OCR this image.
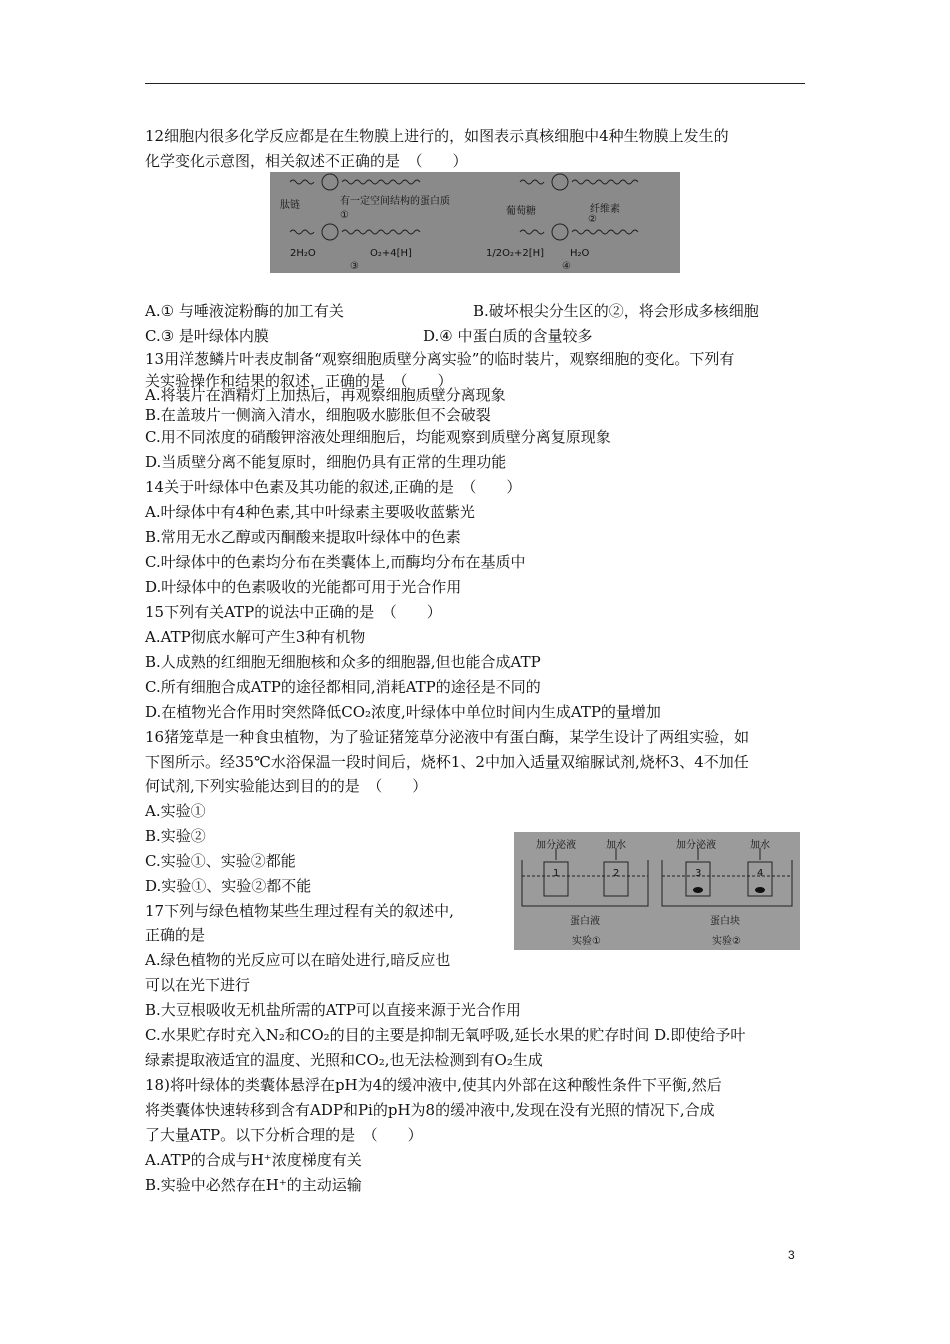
12细胞内很多化学反应都是在生物膜上进行的，如图表示真核细胞中4种生物膜上发生的
化学变化示意图，相关叙述不正确的是　（　　）
肽链	有一定空间结构的蛋白质
葡萄糖	纤维素
2H₂O	O₂+4[H]	1/2O₂+2[H]	H₂O
①	②
③	④
A.① 与唾液淀粉酶的加工有关	B.破坏根尖分生区的②，将会形成多核细胞
C.③ 是叶绿体内膜	D.④ 中蛋白质的含量较多
13用洋葱鳞片叶表皮制备“观察细胞质壁分离实验”的临时装片，观察细胞的变化。下列有
关实验操作和结果的叙述，正确的是　（　　）
A.将装片在酒精灯上加热后，再观察细胞质壁分离现象
B.在盖玻片一侧滴入清水，细胞吸水膨胀但不会破裂
C.用不同浓度的硝酸钾溶液处理细胞后，均能观察到质壁分离复原现象
D.当质壁分离不能复原时，细胞仍具有正常的生理功能
14关于叶绿体中色素及其功能的叙述,正确的是　（　　）
A.叶绿体中有4种色素,其中叶绿素主要吸收蓝紫光
B.常用无水乙醇或丙酮酸来提取叶绿体中的色素
C.叶绿体中的色素均分布在类囊体上,而酶均分布在基质中
D.叶绿体中的色素吸收的光能都可用于光合作用
15下列有关ATP的说法中正确的是　（　　）
A.ATP彻底水解可产生3种有机物
B.人成熟的红细胞无细胞核和众多的细胞器,但也能合成ATP
C.所有细胞合成ATP的途径都相同,消耗ATP的途径是不同的
D.在植物光合作用时突然降低CO₂浓度,叶绿体中单位时间内生成ATP的量增加
16猪笼草是一种食虫植物，为了验证猪笼草分泌液中有蛋白酶，某学生设计了两组实验，如
下图所示。经35℃水浴保温一段时间后，烧杯1、2中加入适量双缩脲试剂,烧杯3、4不加任
何试剂,下列实验能达到目的的是　（　　）
A.实验①
B.实验②
C.实验①、实验②都能
D.实验①、实验②都不能
加分泌液	加水	加分泌液	加水
1	2	3	4
蛋白液	蛋白块
实验①	实验②
17下列与绿色植物某些生理过程有关的叙述中,
正确的是
A.绿色植物的光反应可以在暗处进行,暗反应也
可以在光下进行
B.大豆根吸收无机盐所需的ATP可以直接来源于光合作用
C.水果贮存时充入N₂和CO₂的目的主要是抑制无氧呼吸,延长水果的贮存时间 D.即使给予叶
绿素提取液适宜的温度、光照和CO₂,也无法检测到有O₂生成
18)将叶绿体的类囊体悬浮在pH为4的缓冲液中,使其内外部在这种酸性条件下平衡,然后
将类囊体快速转移到含有ADP和Pi的pH为8的缓冲液中,发现在没有光照的情况下,合成
了大量ATP。以下分析合理的是　（　　）
A.ATP的合成与H⁺浓度梯度有关
B.实验中必然存在H⁺的主动运输
3
